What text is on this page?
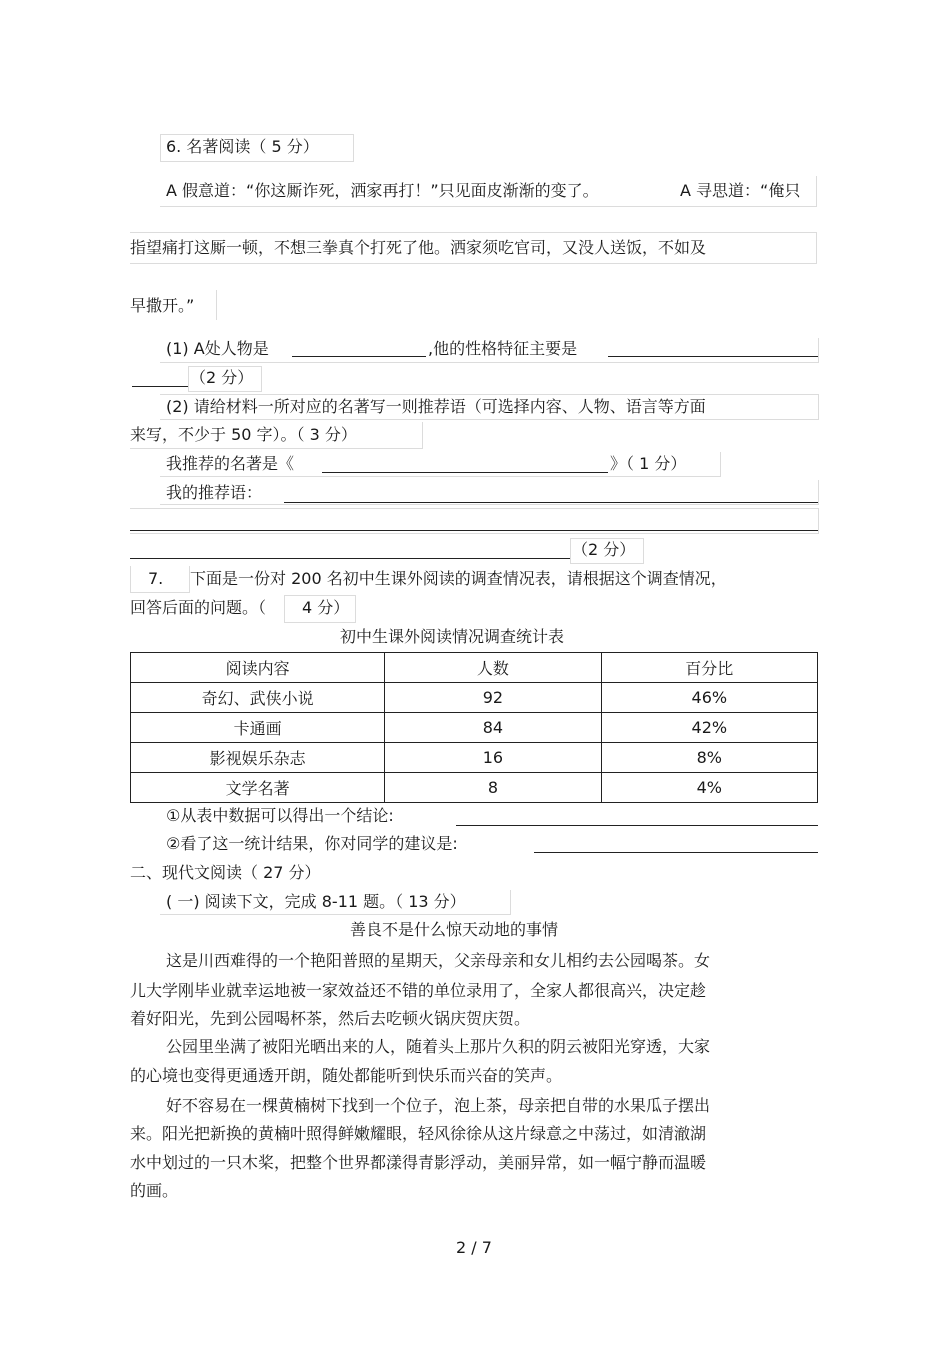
6. 名著阅读（ 5 分）
A 假意道：“你这厮诈死，洒家再打！”只见面皮渐渐的变了。	A 寻思道：“俺只
指望痛打这厮一顿，不想三拳真个打死了他。洒家须吃官司，又没人送饭，不如及
早撒开。”
(1) A处人物是	,他的性格特征主要是
（2 分）
(2) 请给材料一所对应的名著写一则推荐语（可选择内容、人物、语言等方面
来写，不少于 50 字）。（ 3 分）
我推荐的名著是《	》（ 1 分）
我的推荐语：
（2 分）
7. 下面是一份对 200 名初中生课外阅读的调查情况表，请根据这个调查情况，
回答后面的问题。（ 4 分）
初中生课外阅读情况调查统计表
阅读内容	人数	百分比
奇幻、武侠小说	92	46%
卡通画	84	42%
影视娱乐杂志	16	8%
文学名著	8	4%
①从表中数据可以得出一个结论:
②看了这一统计结果，你对同学的建议是:
二、现代文阅读（ 27 分）
( 一) 阅读下文，完成 8-11 题。（ 13 分）
善良不是什么惊天动地的事情
这是川西难得的一个艳阳普照的星期天，父亲母亲和女儿相约去公园喝茶。女
儿大学刚毕业就幸运地被一家效益还不错的单位录用了，全家人都很高兴，决定趁
着好阳光，先到公园喝杯茶，然后去吃顿火锅庆贺庆贺。
公园里坐满了被阳光晒出来的人，随着头上那片久积的阴云被阳光穿透，大家
的心境也变得更通透开朗，随处都能听到快乐而兴奋的笑声。
好不容易在一棵黄楠树下找到一个位子，泡上茶，母亲把自带的水果瓜子摆出
来。阳光把新换的黄楠叶照得鲜嫩耀眼，轻风徐徐从这片绿意之中荡过，如清澈湖
水中划过的一只木桨，把整个世界都漾得青影浮动，美丽异常，如一幅宁静而温暖
的画。
2 / 7
